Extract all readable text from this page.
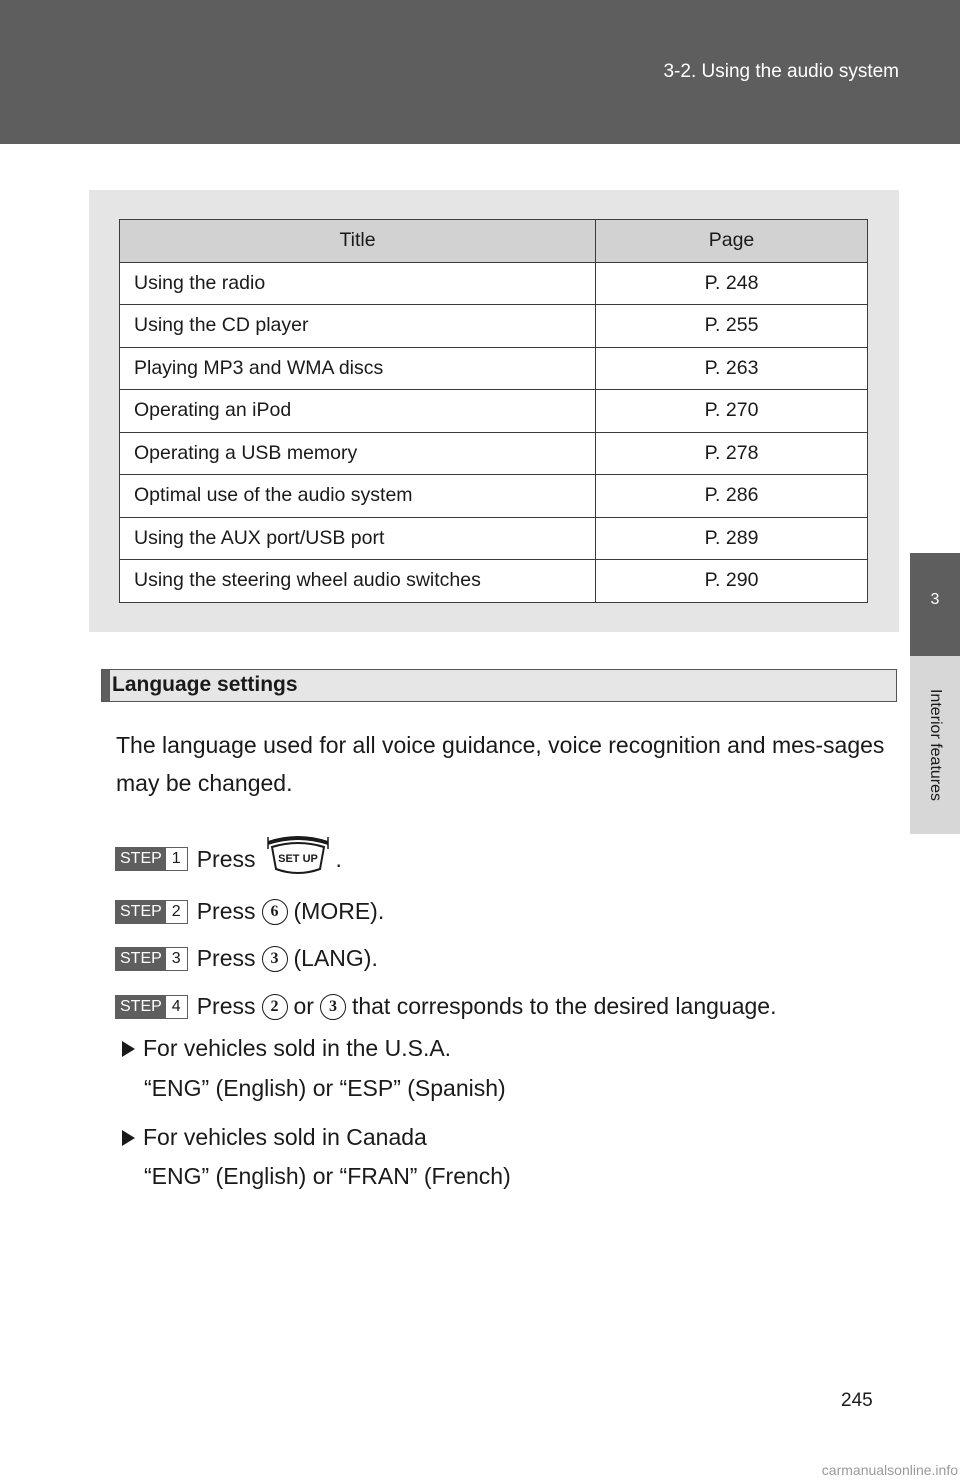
3-2. Using the audio system
3
Interior features
Title	Page
Using the radio	P. 248
Using the CD player	P. 255
Playing MP3 and WMA discs	P. 263
Operating an iPod	P. 270
Operating a USB memory	P. 278
Optimal use of the audio system	P. 286
Using the AUX port/USB port	P. 289
Using the steering wheel audio switches	P. 290
Language settings

The language used for all voice guidance, voice recognition and mes-sages may be changed.

STEP 1 Press SET UP .
STEP 2 Press 6 (MORE).
STEP 3 Press 3 (LANG).
STEP 4 Press 2 or 3 that corresponds to the desired language.
For vehicles sold in the U.S.A.
“ENG” (English) or “ESP” (Spanish)
For vehicles sold in Canada
“ENG” (English) or “FRAN” (French)
245
carmanualsonline.info
